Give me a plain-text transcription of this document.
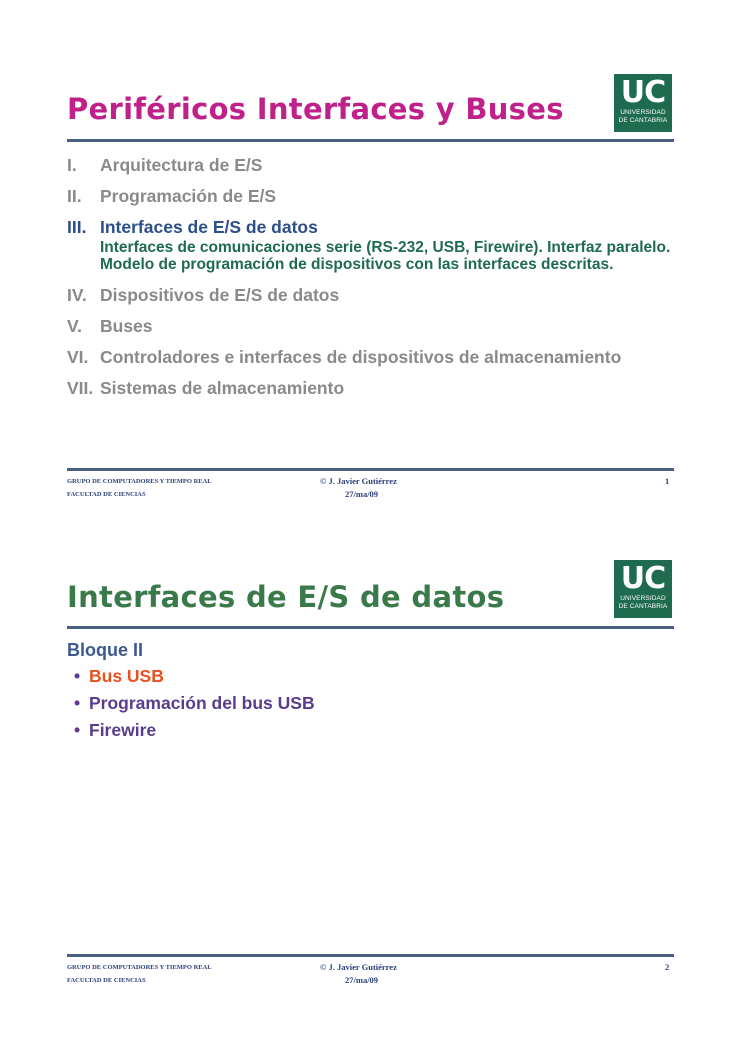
Periféricos Interfaces y Buses UC
UNIVERSIDAD
DE CANTABRIA
I. Arquitectura de E/S
II. Programación de E/S
III. Interfaces de E/S de datos
Interfaces de comunicaciones serie (RS-232, USB, Firewire). Interfaz paralelo. Modelo de programación de dispositivos con las interfaces descritas.
IV. Dispositivos de E/S de datos
V. Buses
VI. Controladores e interfaces de dispositivos de almacenamiento
VII. Sistemas de almacenamiento
GRUPO DE COMPUTADORES Y TIEMPO REAL
FACULTAD DE CIENCIAS
© J. Javier Gutiérrez
27/ma/09
1
Interfaces de E/S de datos
UC
UNIVERSIDAD
DE CANTABRIA
Bloque II
• Bus USB
• Programación del bus USB
• Firewire
GRUPO DE COMPUTADORES Y TIEMPO REAL
FACULTAD DE CIENCIAS
© J. Javier Gutiérrez
27/ma/09
2
